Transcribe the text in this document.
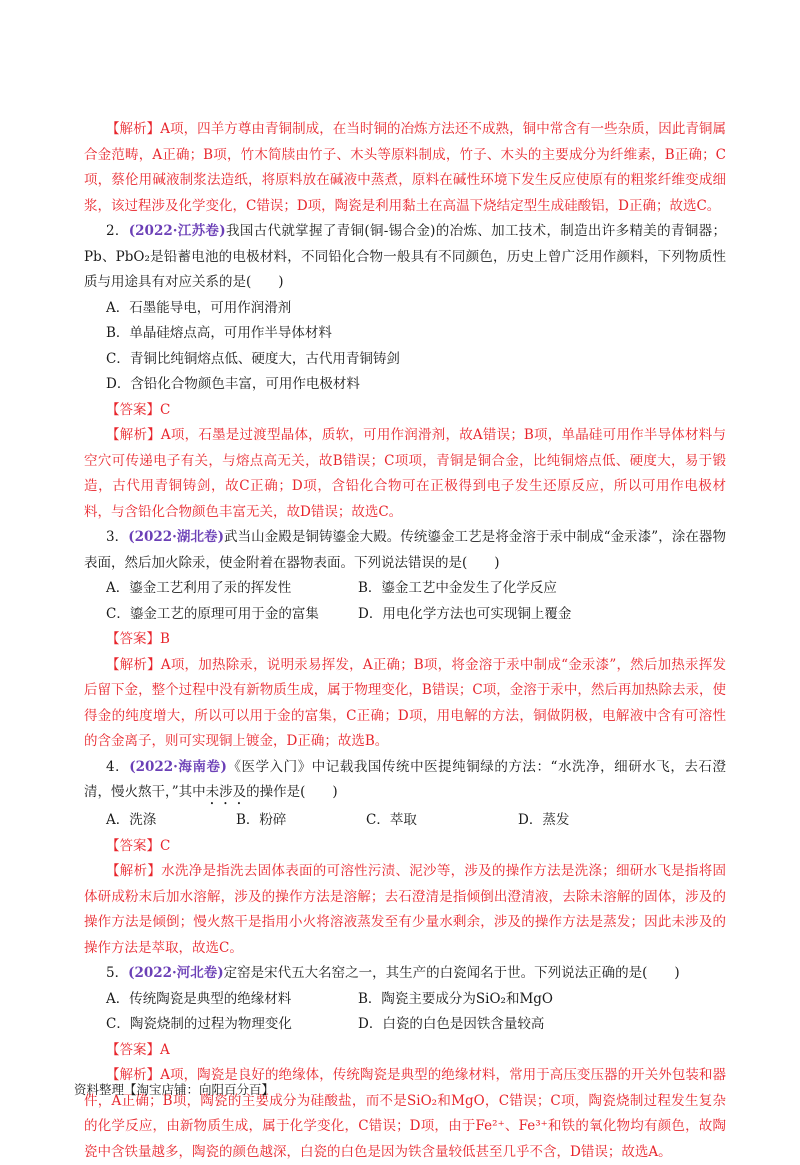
【解析】A项，四羊方尊由青铜制成，在当时铜的冶炼方法还不成熟，铜中常含有一些杂质，因此青铜属合金范畴，A正确；B项，竹木简牍由竹子、木头等原料制成，竹子、木头的主要成分为纤维素，B正确；C项，蔡伦用碱液制浆法造纸，将原料放在碱液中蒸煮，原料在碱性环境下发生反应使原有的粗浆纤维变成细浆，该过程涉及化学变化，C错误；D项，陶瓷是利用黏土在高温下烧结定型生成硅酸铝，D正确；故选C。

2．(2022·江苏卷)我国古代就掌握了青铜(铜-锡合金)的冶炼、加工技术，制造出许多精美的青铜器；Pb、PbO₂是铅蓄电池的电极材料，不同铅化合物一般具有不同颜色，历史上曾广泛用作颜料，下列物质性质与用途具有对应关系的是(　　)

A．石墨能导电，可用作润滑剂

B．单晶硅熔点高，可用作半导体材料

C．青铜比纯铜熔点低、硬度大，古代用青铜铸剑

D．含铅化合物颜色丰富，可用作电极材料

【答案】C

【解析】A项，石墨是过渡型晶体，质软，可用作润滑剂，故A错误；B项，单晶硅可用作半导体材料与空穴可传递电子有关，与熔点高无关，故B错误；C项项，青铜是铜合金，比纯铜熔点低、硬度大，易于锻造，古代用青铜铸剑，故C正确；D项，含铅化合物可在正极得到电子发生还原反应，所以可用作电极材料，与含铅化合物颜色丰富无关，故D错误；故选C。

3．(2022·湖北卷)武当山金殿是铜铸鎏金大殿。传统鎏金工艺是将金溶于汞中制成“金汞漆”，涂在器物表面，然后加火除汞，使金附着在器物表面。下列说法错误的是(　　)

A．鎏金工艺利用了汞的挥发性	B．鎏金工艺中金发生了化学反应
C．鎏金工艺的原理可用于金的富集	D．用电化学方法也可实现铜上覆金

【答案】B

【解析】A项，加热除汞，说明汞易挥发，A正确；B项，将金溶于汞中制成“金汞漆”，然后加热汞挥发后留下金，整个过程中没有新物质生成，属于物理变化，B错误；C项，金溶于汞中，然后再加热除去汞，使得金的纯度增大，所以可以用于金的富集，C正确；D项，用电解的方法，铜做阴极，电解液中含有可溶性的含金离子，则可实现铜上镀金，D正确；故选B。

4．(2022·海南卷)《医学入门》中记载我国传统中医提纯铜绿的方法：“水洗净，细研水飞，去石澄清，慢火熬干，”其中未涉及的操作是(　　)

A．洗涤	B．粉碎	C．萃取	D．蒸发

【答案】C

【解析】水洗净是指洗去固体表面的可溶性污渍、泥沙等，涉及的操作方法是洗涤；细研水飞是指将固体研成粉末后加水溶解，涉及的操作方法是溶解；去石澄清是指倾倒出澄清液，去除未溶解的固体，涉及的操作方法是倾倒；慢火熬干是指用小火将溶液蒸发至有少量水剩余，涉及的操作方法是蒸发；因此未涉及的操作方法是萃取，故选C。

5．(2022·河北卷)定窑是宋代五大名窑之一，其生产的白瓷闻名于世。下列说法正确的是(　　)

A．传统陶瓷是典型的绝缘材料	B．陶瓷主要成分为SiO₂和MgO
C．陶瓷烧制的过程为物理变化	D．白瓷的白色是因铁含量较高

【答案】A

【解析】A项，陶瓷是良好的绝缘体，传统陶瓷是典型的绝缘材料，常用于高压变压器的开关外包装和器件，A正确；B项，陶瓷的主要成分为硅酸盐，而不是SiO₂和MgO，C错误；C项，陶瓷烧制过程发生复杂的化学反应，由新物质生成，属于化学变化，C错误；D项，由于Fe²⁺、Fe³⁺和铁的氧化物均有颜色，故陶瓷中含铁量越多，陶瓷的颜色越深，白瓷的白色是因为铁含量较低甚至几乎不含，D错误；故选A。

资料整理【淘宝店铺：向阳百分百】
